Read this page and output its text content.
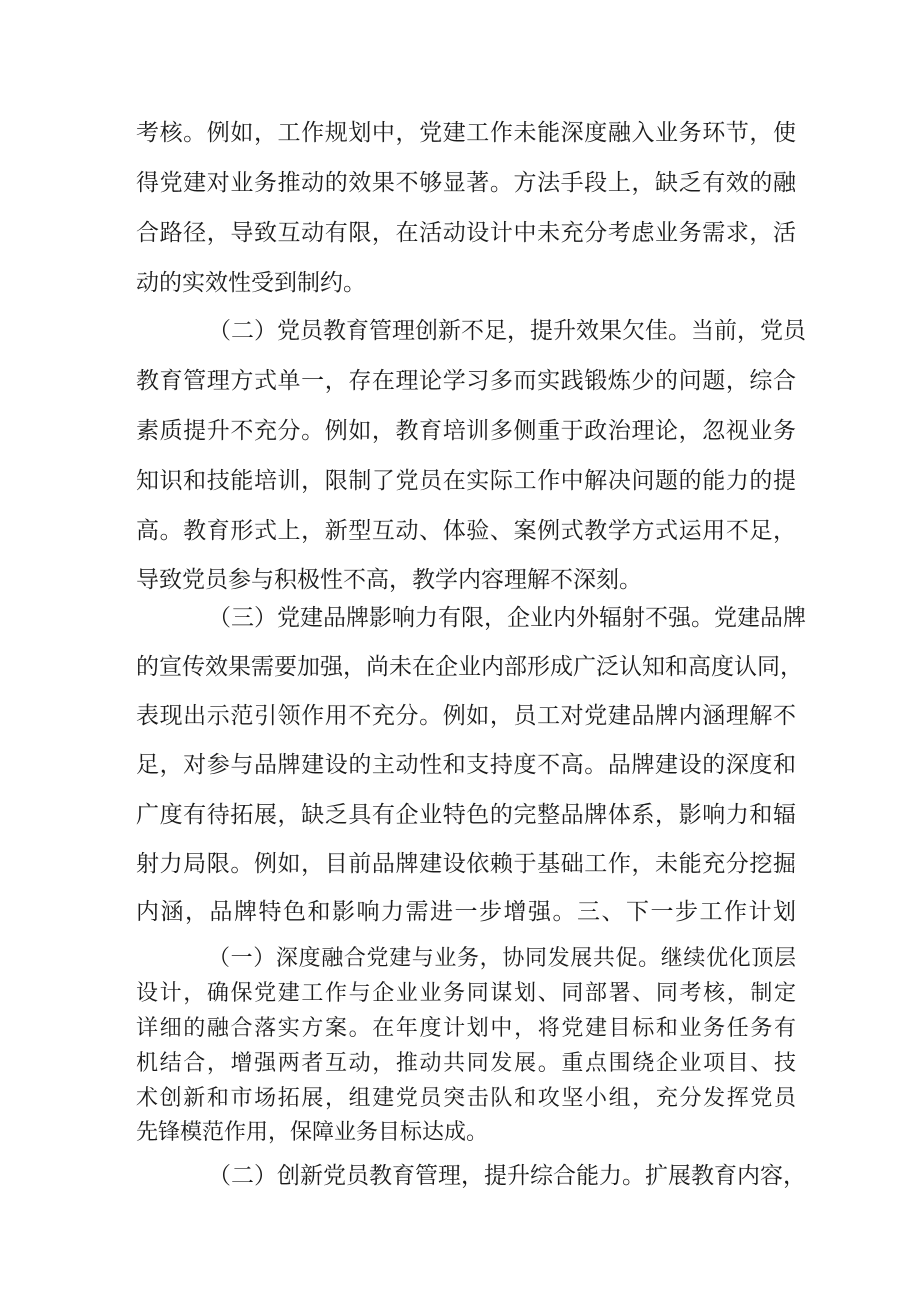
考核。例如，工作规划中，党建工作未能深度融入业务环节，使
得党建对业务推动的效果不够显著。方法手段上，缺乏有效的融
合路径，导致互动有限，在活动设计中未充分考虑业务需求，活
动的实效性受到制约。
（二）党员教育管理创新不足，提升效果欠佳。当前，党员
教育管理方式单一，存在理论学习多而实践锻炼少的问题，综合
素质提升不充分。例如，教育培训多侧重于政治理论，忽视业务
知识和技能培训，限制了党员在实际工作中解决问题的能力的提
高。教育形式上，新型互动、体验、案例式教学方式运用不足，
导致党员参与积极性不高，教学内容理解不深刻。
（三）党建品牌影响力有限，企业内外辐射不强。党建品牌
的宣传效果需要加强，尚未在企业内部形成广泛认知和高度认同，
表现出示范引领作用不充分。例如，员工对党建品牌内涵理解不
足，对参与品牌建设的主动性和支持度不高。品牌建设的深度和
广度有待拓展，缺乏具有企业特色的完整品牌体系，影响力和辐
射力局限。例如，目前品牌建设依赖于基础工作，未能充分挖掘
内涵，品牌特色和影响力需进一步增强。三、下一步工作计划
（一）深度融合党建与业务，协同发展共促。继续优化顶层
设计，确保党建工作与企业业务同谋划、同部署、同考核，制定
详细的融合落实方案。在年度计划中，将党建目标和业务任务有
机结合，增强两者互动，推动共同发展。重点围绕企业项目、技
术创新和市场拓展，组建党员突击队和攻坚小组，充分发挥党员
先锋模范作用，保障业务目标达成。
（二）创新党员教育管理，提升综合能力。扩展教育内容，
